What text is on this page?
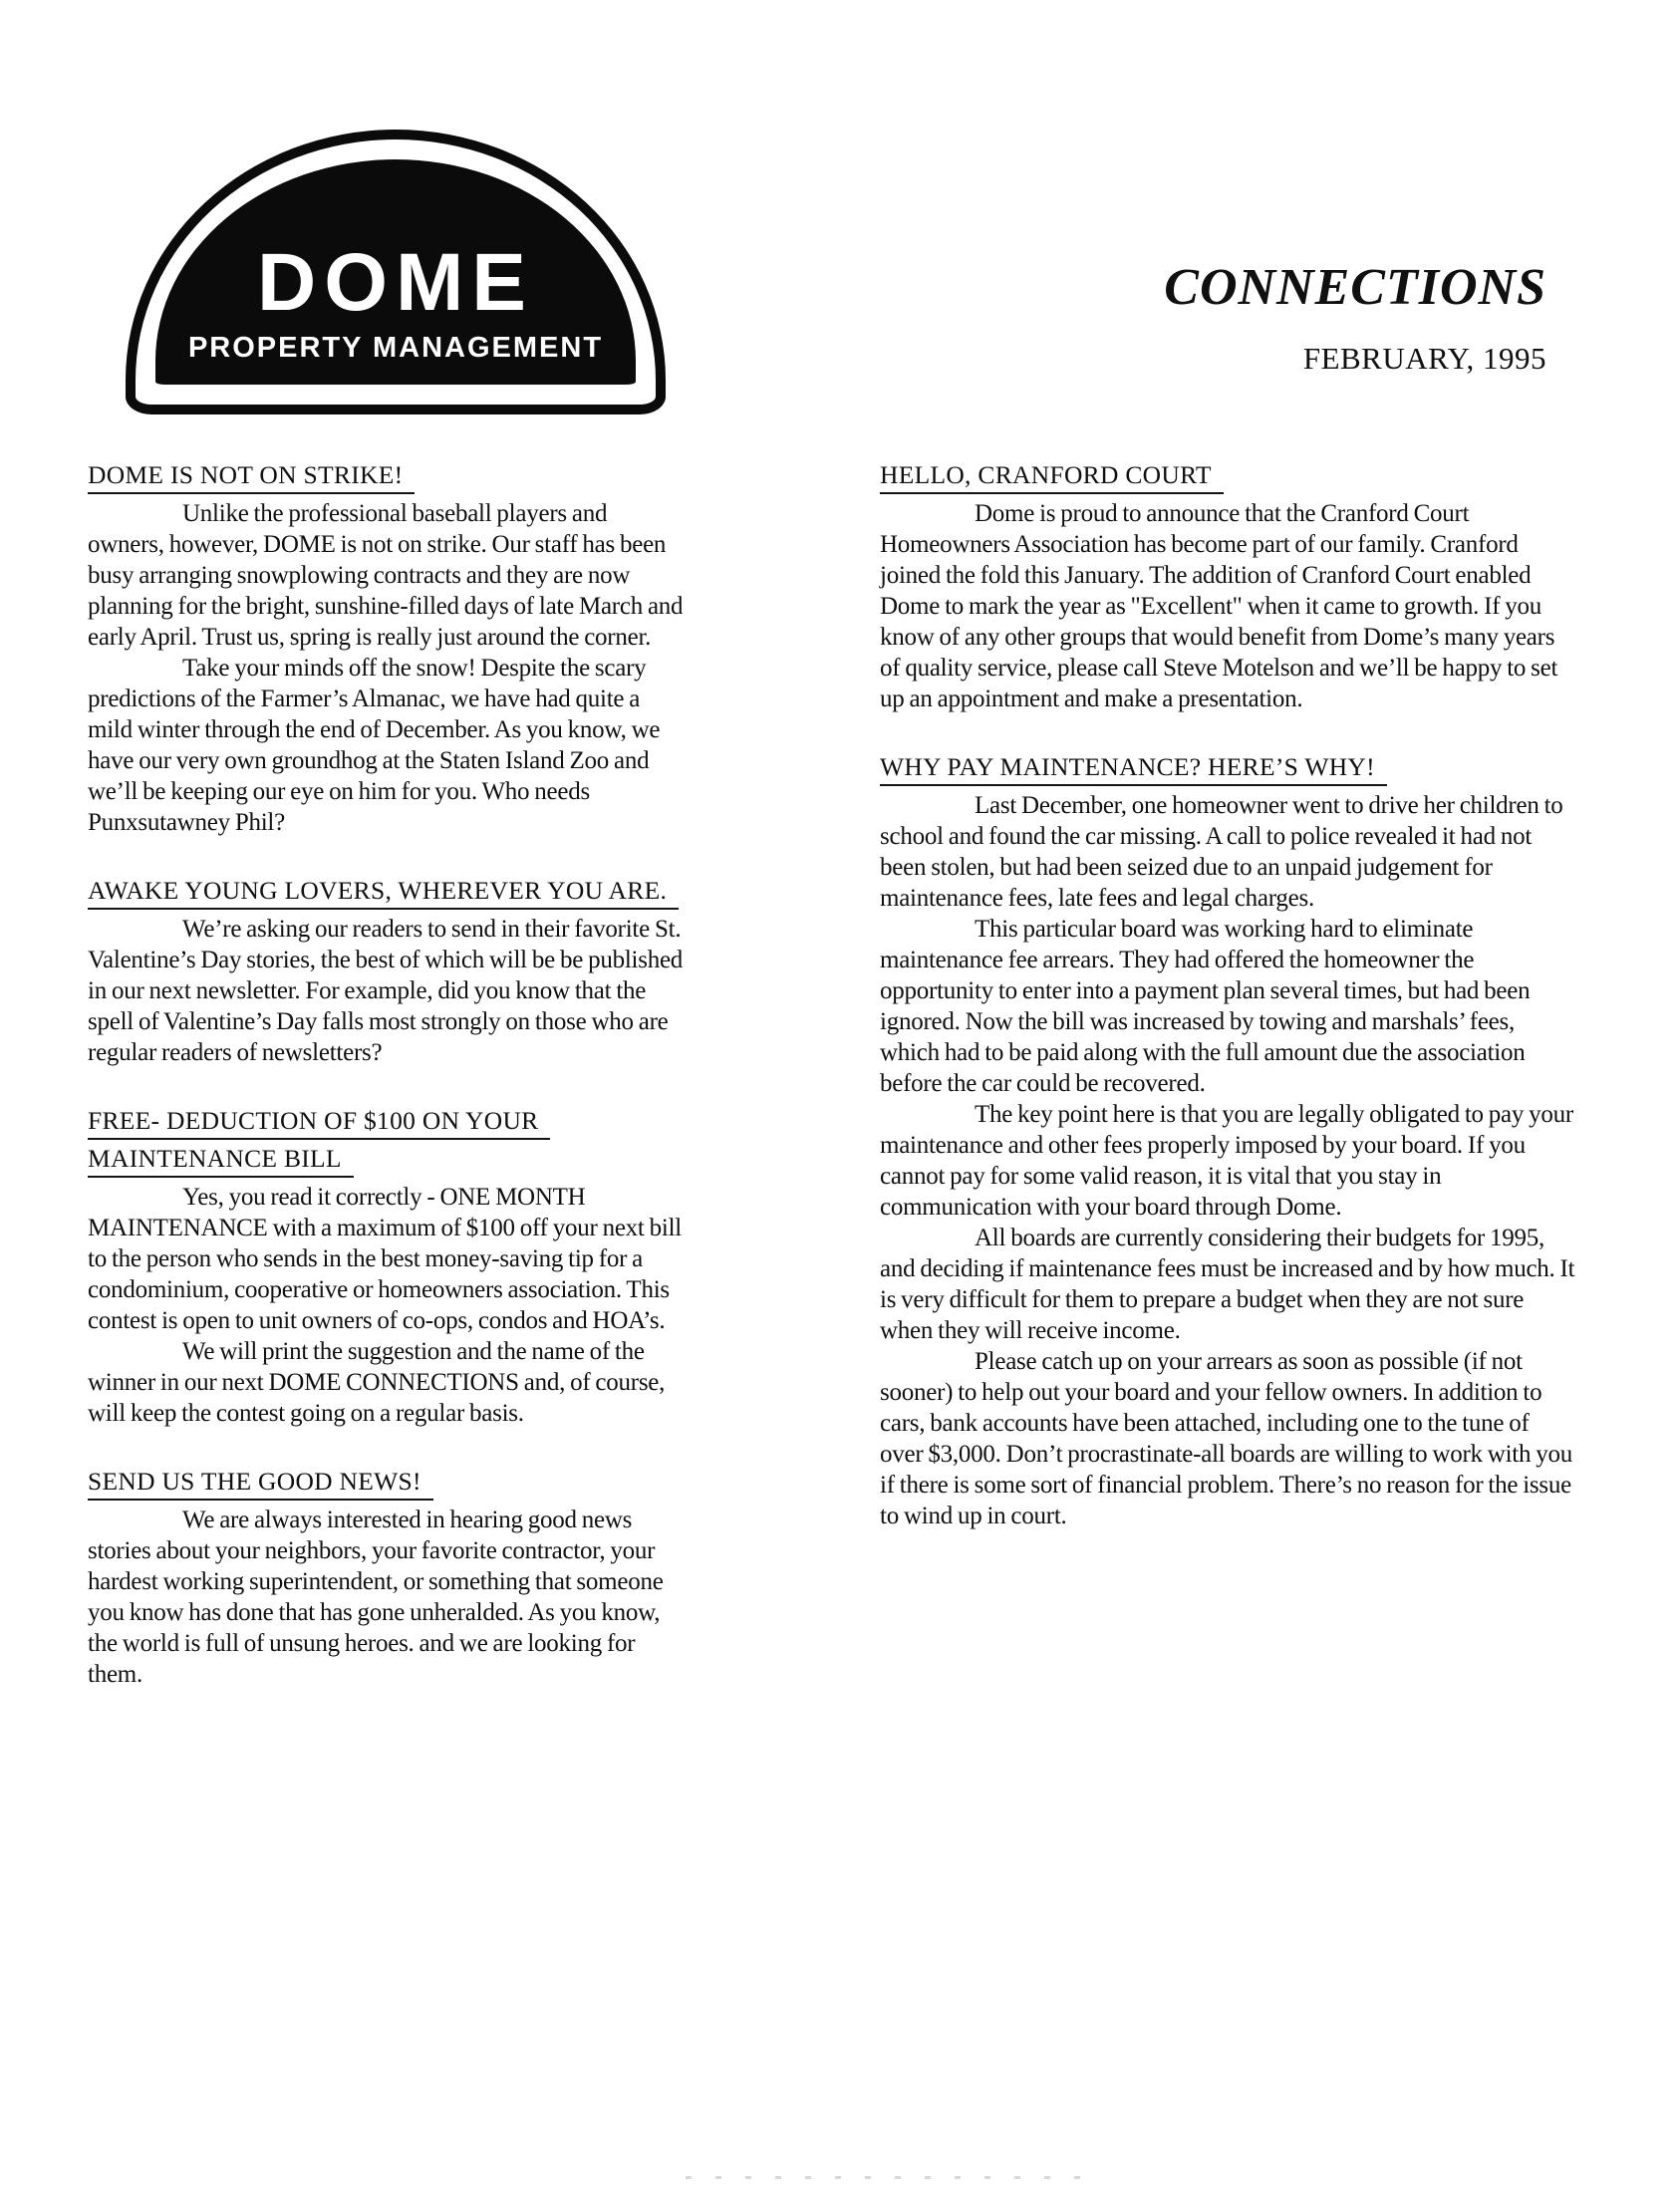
DOME
PROPERTY MANAGEMENT
CONNECTIONS
FEBRUARY, 1995
DOME IS NOT ON STRIKE!

Unlike the professional baseball players and owners, however, DOME is not on strike. Our staff has been busy arranging snowplowing contracts and they are now planning for the bright, sunshine-filled days of late March and early April. Trust us, spring is really just around the corner.

Take your minds off the snow! Despite the scary predictions of the Farmer’s Almanac, we have had quite a mild winter through the end of December. As you know, we have our very own groundhog at the Staten Island Zoo and we’ll be keeping our eye on him for you. Who needs Punxsutawney Phil?

AWAKE YOUNG LOVERS, WHEREVER YOU ARE.

We’re asking our readers to send in their favorite St. Valentine’s Day stories, the best of which will be be published in our next newsletter. For example, did you know that the spell of Valentine’s Day falls most strongly on those who are regular readers of newsletters?

FREE- DEDUCTION OF $100 ON YOUR
MAINTENANCE BILL

Yes, you read it correctly - ONE MONTH MAINTENANCE with a maximum of $100 off your next bill to the person who sends in the best money-saving tip for a condominium, cooperative or homeowners association. This contest is open to unit owners of co-ops, condos and HOA’s.

We will print the suggestion and the name of the winner in our next DOME CONNECTIONS and, of course, will keep the contest going on a regular basis.

SEND US THE GOOD NEWS!

We are always interested in hearing good news stories about your neighbors, your favorite contractor, your hardest working superintendent, or something that someone you know has done that has gone unheralded. As you know, the world is full of unsung heroes. and we are looking for them.

HELLO, CRANFORD COURT

Dome is proud to announce that the Cranford Court Homeowners Association has become part of our family. Cranford joined the fold this January. The addition of Cranford Court enabled Dome to mark the year as "Excellent" when it came to growth. If you know of any other groups that would benefit from Dome’s many years of quality service, please call Steve Motelson and we’ll be happy to set up an appointment and make a presentation.

WHY PAY MAINTENANCE? HERE’S WHY!

Last December, one homeowner went to drive her children to school and found the car missing. A call to police revealed it had not been stolen, but had been seized due to an unpaid judgement for maintenance fees, late fees and legal charges.

This particular board was working hard to eliminate maintenance fee arrears. They had offered the homeowner the opportunity to enter into a payment plan several times, but had been ignored. Now the bill was increased by towing and marshals’ fees, which had to be paid along with the full amount due the association before the car could be recovered.

The key point here is that you are legally obligated to pay your maintenance and other fees properly imposed by your board. If you cannot pay for some valid reason, it is vital that you stay in communication with your board through Dome.

All boards are currently considering their budgets for 1995, and deciding if maintenance fees must be increased and by how much. It is very difficult for them to prepare a budget when they are not sure when they will receive income.

Please catch up on your arrears as soon as possible (if not sooner) to help out your board and your fellow owners. In addition to cars, bank accounts have been attached, including one to the tune of over $3,000. Don’t procrastinate-all boards are willing to work with you if there is some sort of financial problem. There’s no reason for the issue to wind up in court.
